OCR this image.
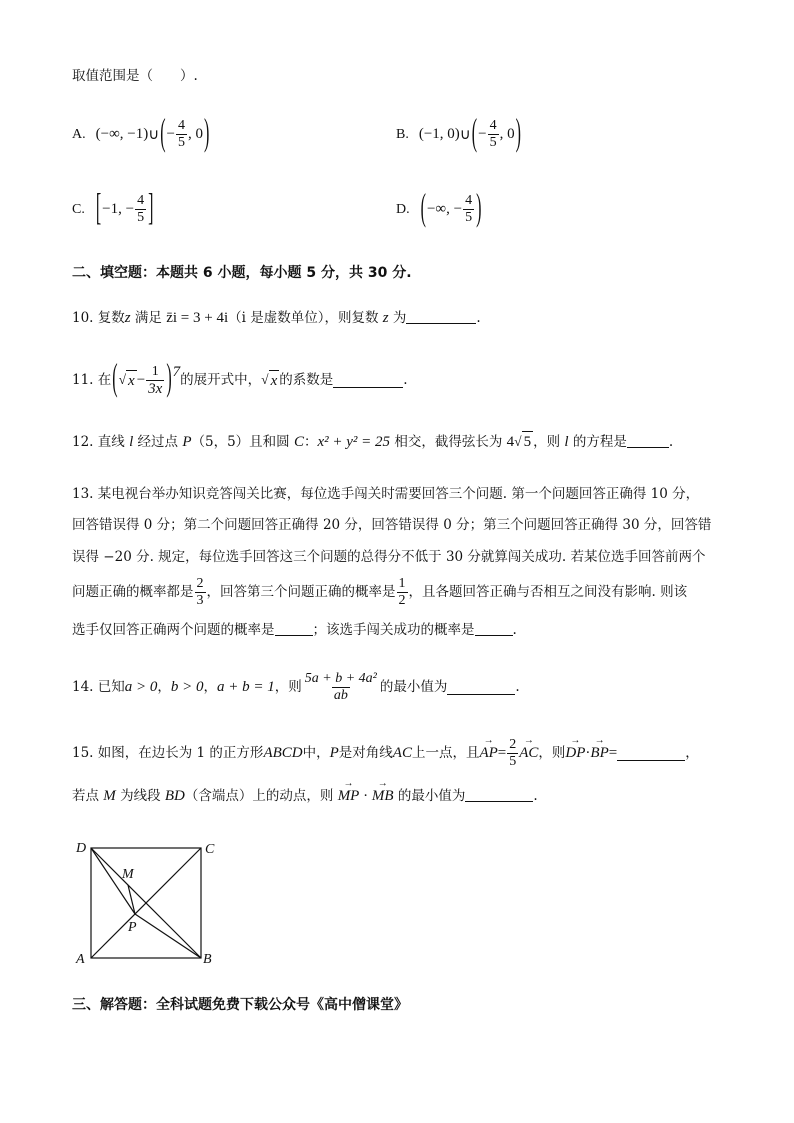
取值范围是（　　）.
A. (−∞, −1) ∪ ( − $\frac{4}{5}$ , 0 )	B. (−1, 0) ∪ ( − $\frac{4}{5}$ , 0 )
C. [ −1, − $\frac{4}{5}$ ]	D. ( −∞, − $\frac{4}{5}$ )
二、填空题：本题共 6 小题，每小题 5 分，共 30 分.
10. 复数z 满足 z̄i = 3 + 4i（i 是虚数单位），则复数 z 为	.
11. 在 ( √ $x - \frac{1}{3x}$ ) 7 的展开式中， √ x 的系数是	.
12. 直线 l 经过点 P（5，5）且和圆 C：x² + y² = 25 相交，截得弦长为 4√ 5 ，则 l 的方程是	.
13. 某电视台举办知识竞答闯关比赛，每位选手闯关时需要回答三个问题. 第一个问题回答正确得 10 分，
回答错误得 0 分；第二个问题回答正确得 20 分，回答错误得 0 分；第三个问题回答正确得 30 分，回答错
误得 −20 分. 规定，每位选手回答这三个问题的总得分不低于 30 分就算闯关成功. 若某位选手回答前两个
问题正确的概率都是 $\frac{2}{3}$ ，回答第三个问题正确的概率是 $\frac{1}{2}$ ，且各题回答正确与否相互之间没有影响. 则该
选手仅回答正确两个问题的概率是	；该选手闯关成功的概率是	.
14. 已知 a > 0 ， b > 0 ， a + b = 1 ，则 $\frac{\text{5a + b + 4a²}}{ab}$ 的最小值为	.
15. 如图，在边长为 1 的正方形 ABCD 中， P 是对角线 AC 上一点，且 → AP = $\frac{2}{5}$ → AC ，则 → DP · → BP =	，
若点 M 为线段 BD（含端点）上的动点，则 → MP · → MB 的最小值为	.
D	C
A	B
M
P
三、解答题：全科试题免费下载公众号《高中僧课堂》
